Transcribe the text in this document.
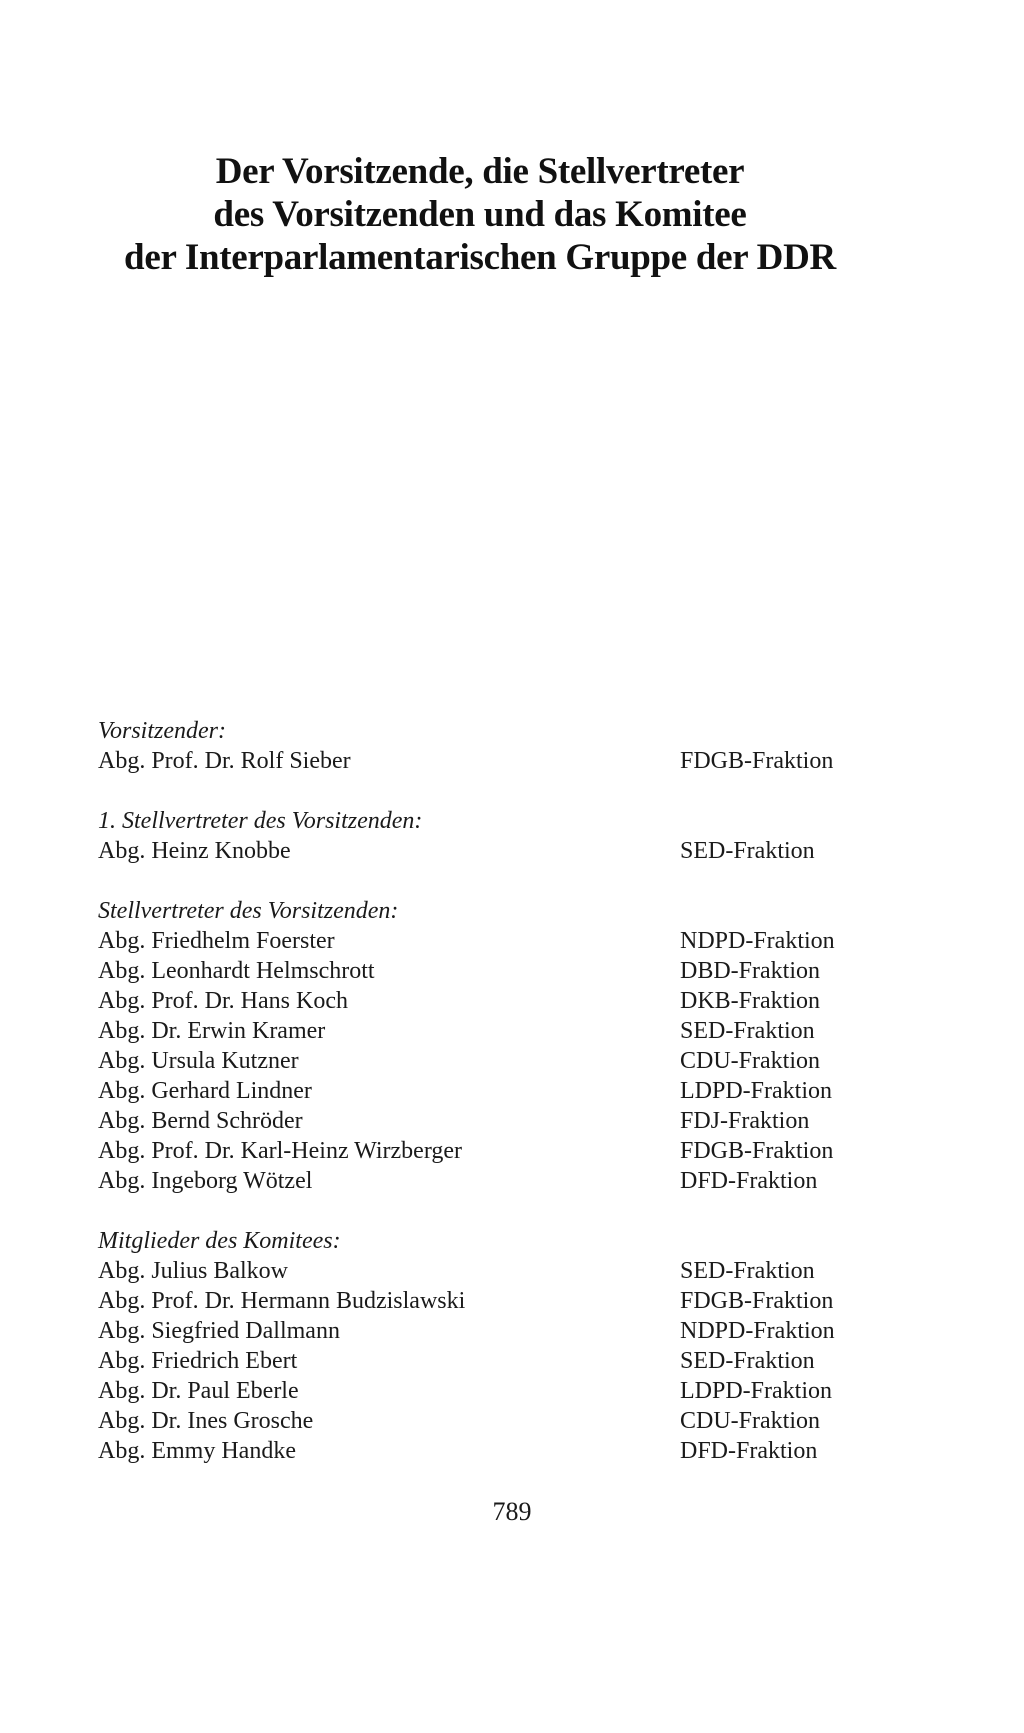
Der Vorsitzende, die Stellvertreter
des Vorsitzenden und das Komitee
der Interparlamentarischen Gruppe der DDR
Vorsitzender:
Abg. Prof. Dr. Rolf Sieber	FDGB-Fraktion
1. Stellvertreter des Vorsitzenden:
Abg. Heinz Knobbe	SED-Fraktion
Stellvertreter des Vorsitzenden:
Abg. Friedhelm Foerster	NDPD-Fraktion
Abg. Leonhardt Helmschrott	DBD-Fraktion
Abg. Prof. Dr. Hans Koch	DKB-Fraktion
Abg. Dr. Erwin Kramer	SED-Fraktion
Abg. Ursula Kutzner	CDU-Fraktion
Abg. Gerhard Lindner	LDPD-Fraktion
Abg. Bernd Schröder	FDJ-Fraktion
Abg. Prof. Dr. Karl-Heinz Wirzberger	FDGB-Fraktion
Abg. Ingeborg Wötzel	DFD-Fraktion
Mitglieder des Komitees:
Abg. Julius Balkow	SED-Fraktion
Abg. Prof. Dr. Hermann Budzislawski	FDGB-Fraktion
Abg. Siegfried Dallmann	NDPD-Fraktion
Abg. Friedrich Ebert	SED-Fraktion
Abg. Dr. Paul Eberle	LDPD-Fraktion
Abg. Dr. Ines Grosche	CDU-Fraktion
Abg. Emmy Handke	DFD-Fraktion
789
